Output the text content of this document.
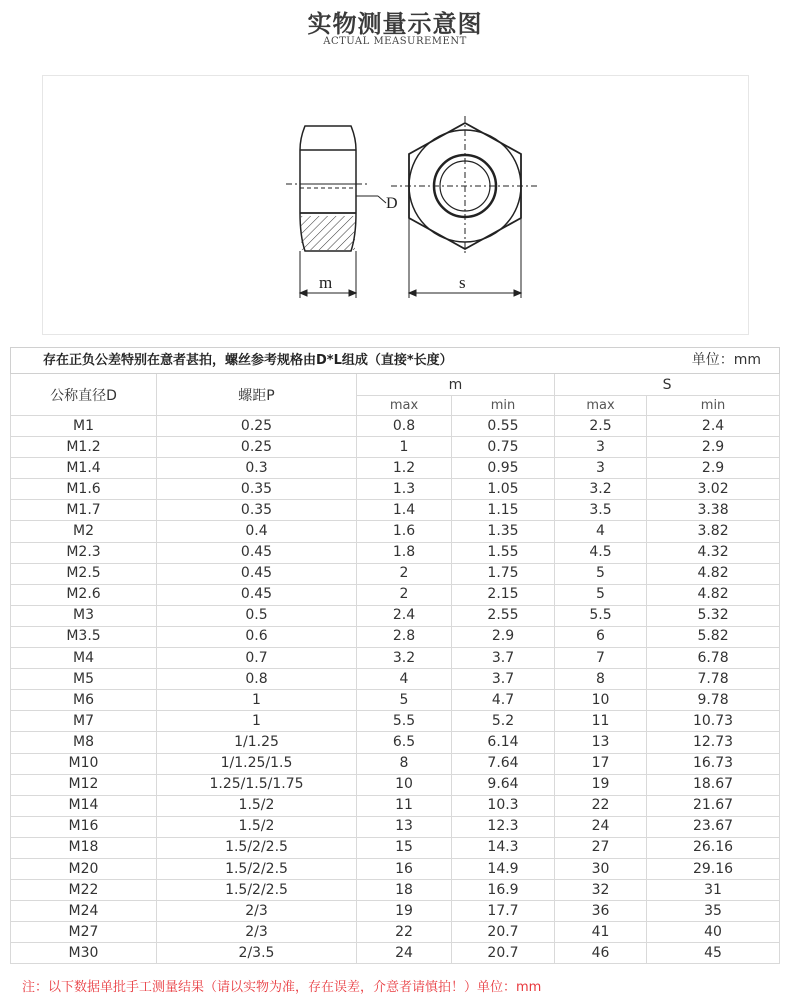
实物测量示意图
ACTUAL MEASUREMENT
D
m	s
存在正负公差特别在意者甚拍，螺丝参考规格由D*L组成（直接*长度） 单位：mm					

公称直径D	螺距P	m		S	
		max	min	max	min
M1	0.25	0.8	0.55	2.5	2.4
M1.2	0.25	1	0.75	3	2.9
M1.4	0.3	1.2	0.95	3	2.9
M1.6	0.35	1.3	1.05	3.2	3.02
M1.7	0.35	1.4	1.15	3.5	3.38
M2	0.4	1.6	1.35	4	3.82
M2.3	0.45	1.8	1.55	4.5	4.32
M2.5	0.45	2	1.75	5	4.82
M2.6	0.45	2	2.15	5	4.82
M3	0.5	2.4	2.55	5.5	5.32
M3.5	0.6	2.8	2.9	6	5.82
M4	0.7	3.2	3.7	7	6.78
M5	0.8	4	3.7	8	7.78
M6	1	5	4.7	10	9.78
M7	1	5.5	5.2	11	10.73
M8	1/1.25	6.5	6.14	13	12.73
M10	1/1.25/1.5	8	7.64	17	16.73
M12	1.25/1.5/1.75	10	9.64	19	18.67
M14	1.5/2	11	10.3	22	21.67
M16	1.5/2	13	12.3	24	23.67
M18	1.5/2/2.5	15	14.3	27	26.16
M20	1.5/2/2.5	16	14.9	30	29.16
M22	1.5/2/2.5	18	16.9	32	31
M24	2/3	19	17.7	36	35
M27	2/3	22	20.7	41	40
M30	2/3.5	24	20.7	46	45
注：以下数据单批手工测量结果（请以实物为准，存在误差，介意者请慎拍！）单位：mm
